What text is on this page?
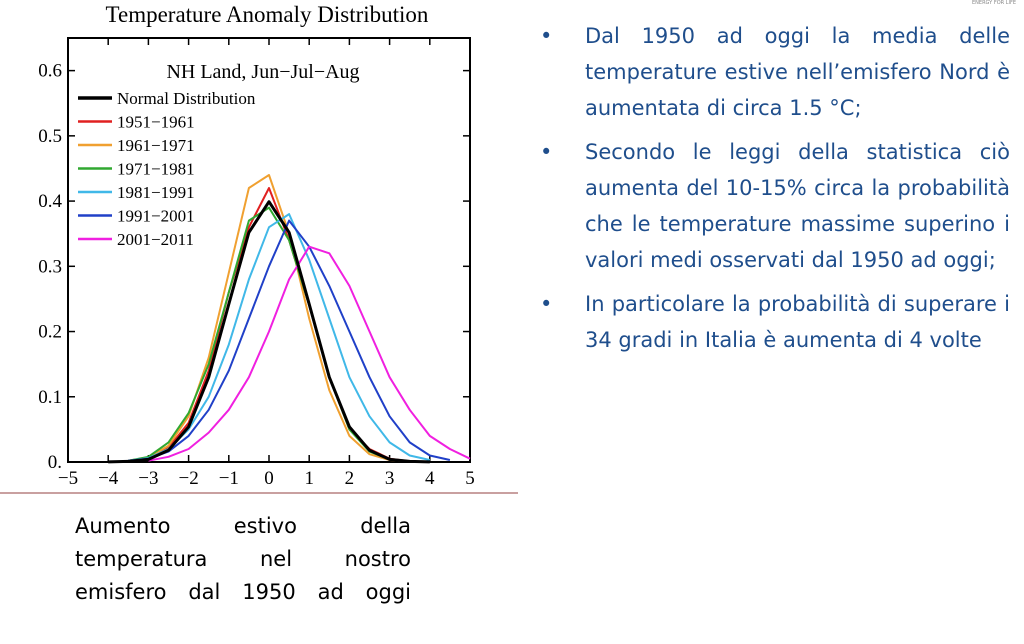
Temperature Anomaly Distribution
NH Land, Jun−Jul−Aug
−5 −4 −3 −2 −1 0 1 2 3 4 5
0.
0.1
0.2
0.3
0.4
0.5
0.6
Normal Distribution
1951−1961
1961−1971
1971−1981
1981−1991
1991−2001
2001−2011
Aumento estivo della
temperatura nel nostro
emisfero dal 1950 ad oggi
• Dal 1950 ad oggi la media delle temperature estive nell’emisfero Nord è aumentata di circa 1.5 °C;
• Secondo le leggi della statistica ciò aumenta del 10-15% circa la probabilità che le temperature massime superino i valori medi osservati dal 1950 ad oggi;
• In particolare la probabilità di superare i 34 gradi in Italia è aumenta di 4 volte
ENERGY FOR LIFE
